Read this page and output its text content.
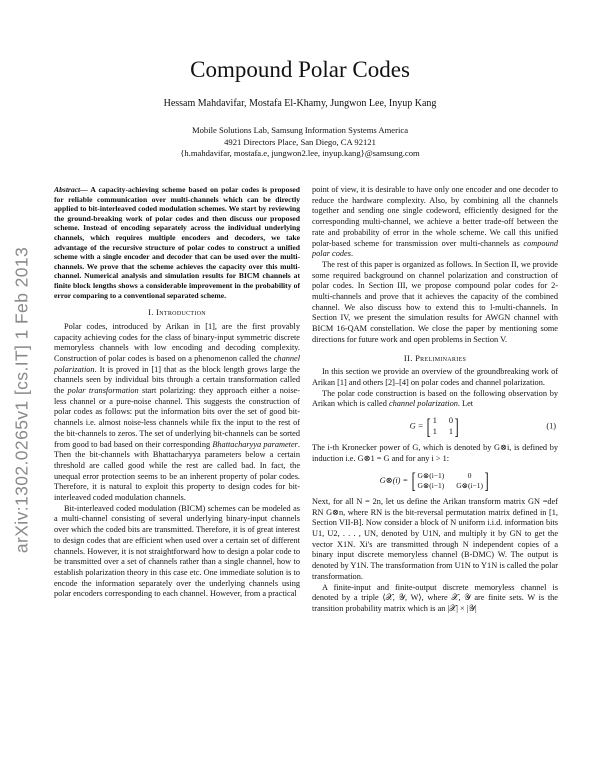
arXiv:1302.0265v1 [cs.IT] 1 Feb 2013
Compound Polar Codes
Hessam Mahdavifar, Mostafa El-Khamy, Jungwon Lee, Inyup Kang
Mobile Solutions Lab, Samsung Information Systems America
4921 Directors Place, San Diego, CA 92121
{h.mahdavifar, mostafa.e, jungwon2.lee, inyup.kang}@samsung.com
Abstract— A capacity-achieving scheme based on polar codes is proposed for reliable communication over multi-channels which can be directly applied to bit-interleaved coded modulation schemes. We start by reviewing the ground-breaking work of polar codes and then discuss our proposed scheme. Instead of encoding separately across the individual underlying channels, which requires multiple encoders and decoders, we take advantage of the recursive structure of polar codes to construct a unified scheme with a single encoder and decoder that can be used over the multi-channels. We prove that the scheme achieves the capacity over this multi-channel. Numerical analysis and simulation results for BICM channels at finite block lengths shows a considerable improvement in the probability of error comparing to a conventional separated scheme.
I. Introduction

Polar codes, introduced by Arikan in [1], are the first provably capacity achieving codes for the class of binary-input symmetric discrete memoryless channels with low encoding and decoding complexity. Construction of polar codes is based on a phenomenon called the channel polarization. It is proved in [1] that as the block length grows large the channels seen by individual bits through a certain transformation called the polar transformation start polarizing: they approach either a noise-less channel or a pure-noise channel. This suggests the construction of polar codes as follows: put the information bits over the set of good bit-channels i.e. almost noise-less channels while fix the input to the rest of the bit-channels to zeros. The set of underlying bit-channels can be sorted from good to bad based on their corresponding Bhattacharyya parameter. Then the bit-channels with Bhattacharyya parameters below a certain threshold are called good while the rest are called bad. In fact, the unequal error protection seems to be an inherent property of polar codes. Therefore, it is natural to exploit this property to design codes for bit-interleaved coded modulation channels.

Bit-interleaved coded modulation (BICM) schemes can be modeled as a multi-channel consisting of several underlying binary-input channels over which the coded bits are transmitted. Therefore, it is of great interest to design codes that are efficient when used over a certain set of different channels. However, it is not straightforward how to design a polar code to be transmitted over a set of channels rather than a single channel, how to establish polarization theory in this case etc. One immediate solution is to encode the information separately over the underlying channels using polar encoders corresponding to each channel. However, from a practical

point of view, it is desirable to have only one encoder and one decoder to reduce the hardware complexity. Also, by combining all the channels together and sending one single codeword, efficiently designed for the corresponding multi-channel, we achieve a better trade-off between the rate and probability of error in the whole scheme. We call this unified polar-based scheme for transmission over multi-channels as compound polar codes.

The rest of this paper is organized as follows. In Section II, we provide some required background on channel polarization and construction of polar codes. In Section III, we propose compound polar codes for 2-multi-channels and prove that it achieves the capacity of the combined channel. We also discuss how to extend this to l-multi-channels. In Section IV, we present the simulation results for AWGN channel with BICM 16-QAM constellation. We close the paper by mentioning some directions for future work and open problems in Section V.

II. Preliminaries

In this section we provide an overview of the groundbreaking work of Arikan [1] and others [2]–[4] on polar codes and channel polarization.

The polar code construction is based on the following observation by Arikan which is called channel polarization. Let

G = [ 1 0
1 1 ]	(1)

The i-th Kronecker power of G, which is denoted by G⊗i, is defined by induction i.e. G⊗1 = G and for any i > 1:

G⊗(i) = [ G⊗(i−1)	0
G⊗(i−1) G⊗(i−1) ]

Next, for all N = 2n, let us define the Arikan transform matrix GN =def RN G⊗n, where RN is the bit-reversal permutation matrix defined in [1, Section VII-B]. Now consider a block of N uniform i.i.d. information bits U1, U2, . . . , UN, denoted by U1N, and multiply it by GN to get the vector X1N. Xi's are transmitted through N independent copies of a binary input discrete memoryless channel (B-DMC) W. The output is denoted by Y1N. The transformation from U1N to Y1N is called the polar transformation.

A finite-input and finite-output discrete memoryless channel is denoted by a triple ⟨𝒳, 𝒴, W⟩, where 𝒳, 𝒴 are finite sets. W is the transition probability matrix which is an |𝒳| × |𝒴|
